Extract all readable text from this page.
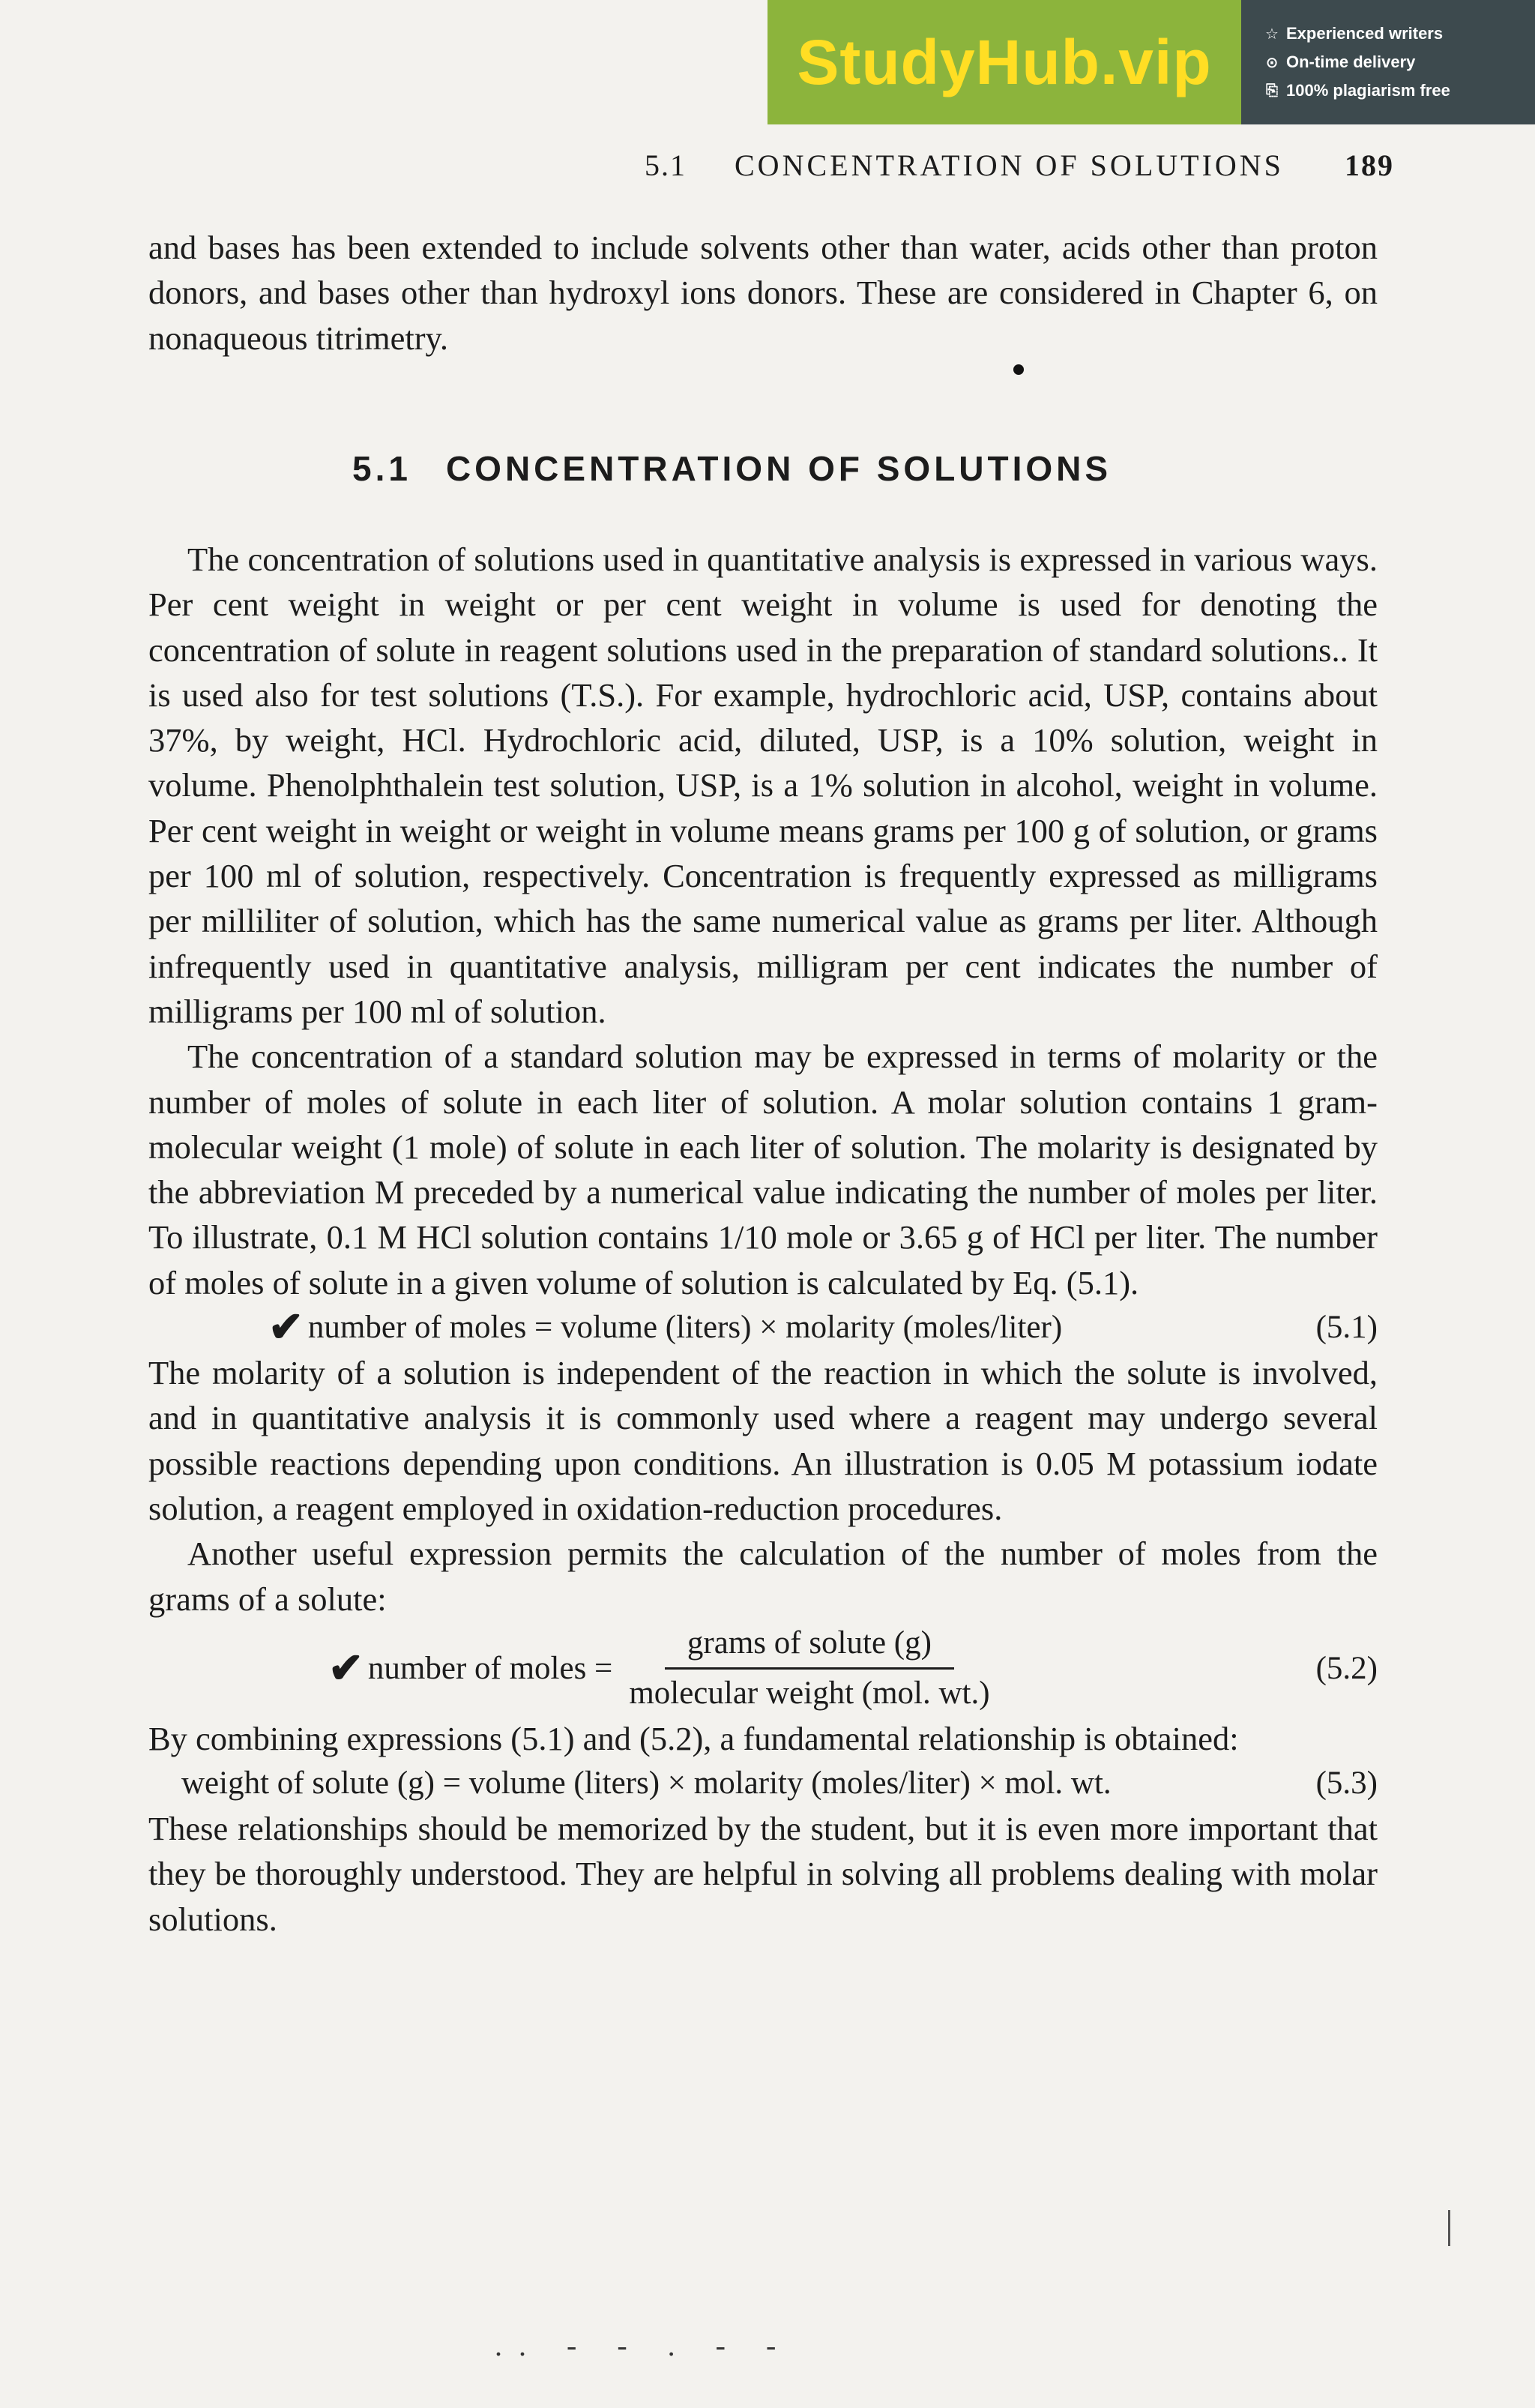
StudyHub.vip	☆ Experienced writers
⊙ On-time delivery
⎘ 100% plagiarism free
5.1	CONCENTRATION OF SOLUTIONS 189

and bases has been extended to include solvents other than water, acids other than proton donors, and bases other than hydroxyl ions donors. These are considered in Chapter 6, on nonaqueous titrimetry.

5.1 CONCENTRATION OF SOLUTIONS

The concentration of solutions used in quantitative analysis is expressed in various ways. Per cent weight in weight or per cent weight in volume is used for denoting the concentration of solute in reagent solutions used in the preparation of standard solutions.. It is used also for test solutions (T.S.). For example, hydrochloric acid, USP, contains about 37%, by weight, HCl. Hydrochloric acid, diluted, USP, is a 10% solution, weight in volume. Phenolphthalein test solution, USP, is a 1% solution in alcohol, weight in volume. Per cent weight in weight or weight in volume means grams per 100 g of solution, or grams per 100 ml of solution, respectively. Concentration is frequently expressed as milligrams per milliliter of solution, which has the same numerical value as grams per liter. Although infrequently used in quantitative analysis, milligram per cent indicates the number of milligrams per 100 ml of solution.

The concentration of a standard solution may be expressed in terms of molarity or the number of moles of solute in each liter of solution. A molar solution contains 1 gram-molecular weight (1 mole) of solute in each liter of solution. The molarity is designated by the abbreviation M preceded by a numerical value indicating the number of moles per liter. To illustrate, 0.1 M HCl solution contains 1/10 mole or 3.65 g of HCl per liter. The number of moles of solute in a given volume of solution is calculated by Eq. (5.1).

✔ number of moles = volume (liters) × molarity (moles/liter)	(5.1)

The molarity of a solution is independent of the reaction in which the solute is involved, and in quantitative analysis it is commonly used where a reagent may undergo several possible reactions depending upon conditions. An illustration is 0.05 M potassium iodate solution, a reagent employed in oxidation-reduction procedures.

Another useful expression permits the calculation of the number of moles from the grams of a solute:

✔ number of moles = $\frac{\text{grams of solute (g)}}{\text{molecular weight (mol. wt.)}}$	(5.2)

By combining expressions (5.1) and (5.2), a fundamental relationship is obtained:

weight of solute (g) = volume (liters) × molarity (moles/liter) × mol. wt.	(5.3)

These relationships should be memorized by the student, but it is even more important that they be thoroughly understood. They are helpful in solving all problems dealing with molar solutions.

.. - - . - -
